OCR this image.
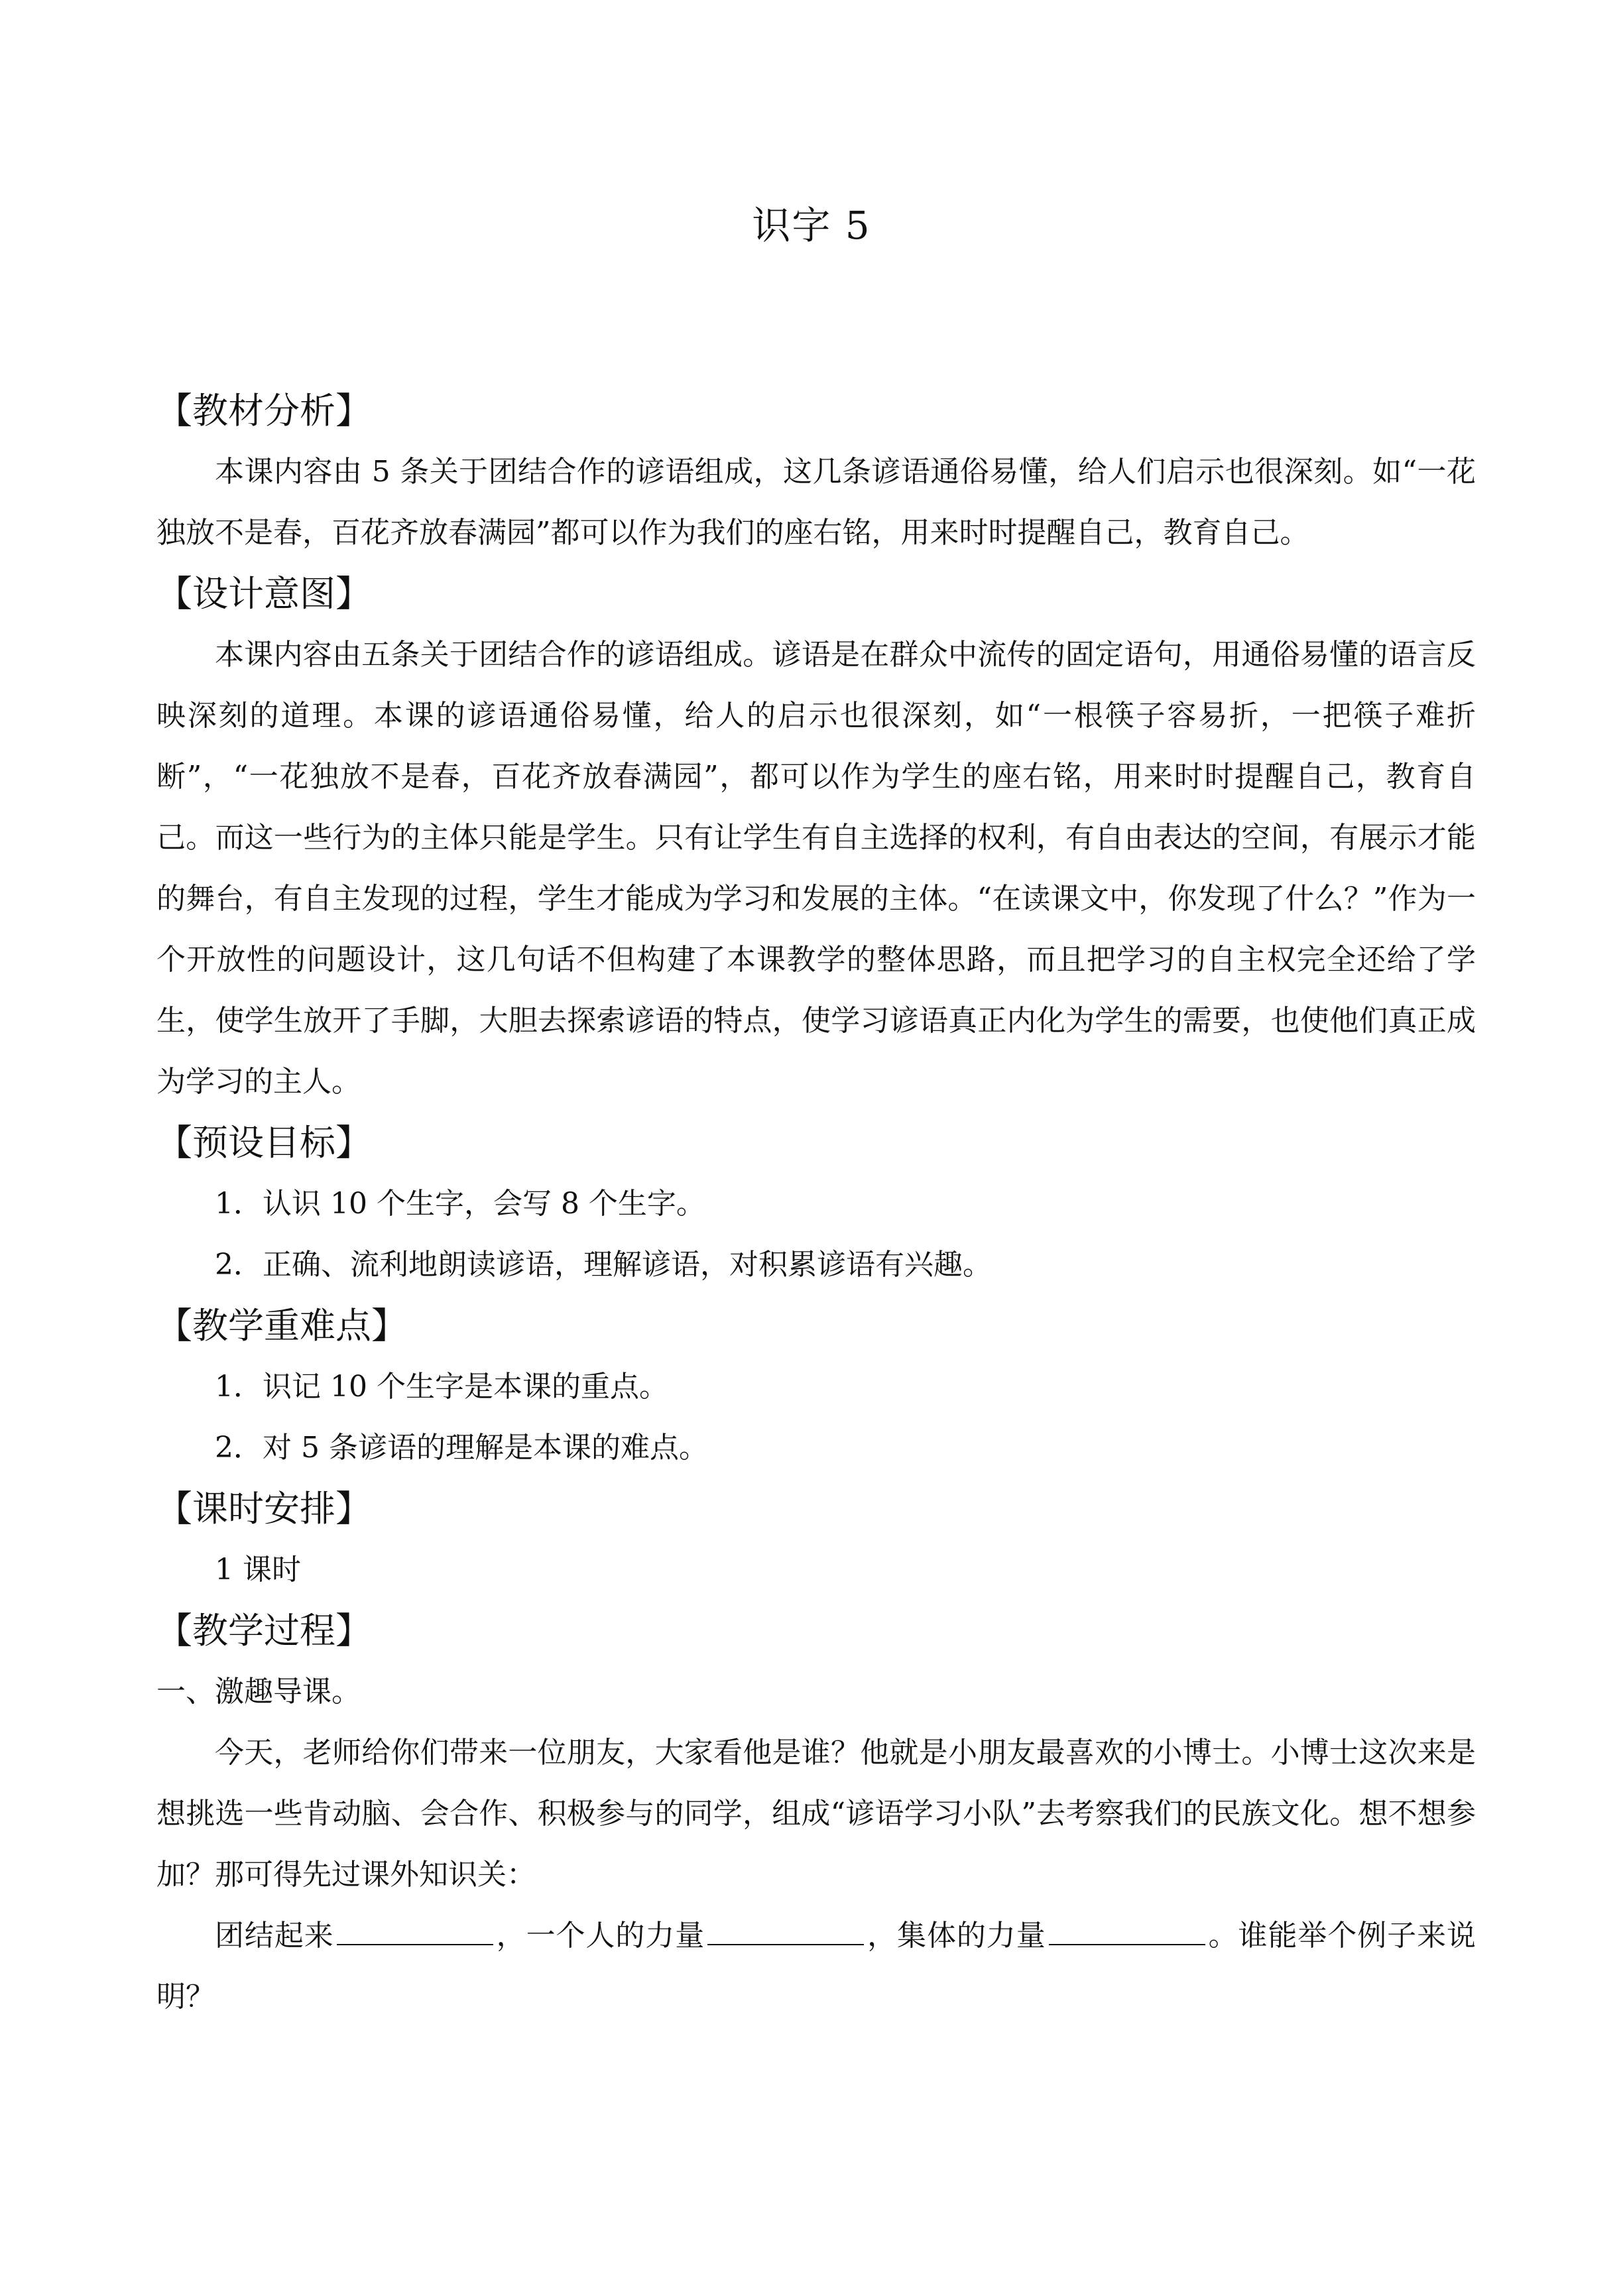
识字 5

【教材分析】

本课内容由 5 条关于团结合作的谚语组成，这几条谚语通俗易懂，给人们启示也很深刻。如“一花独放不是春，百花齐放春满园”都可以作为我们的座右铭，用来时时提醒自己，教育自己。

【设计意图】

本课内容由五条关于团结合作的谚语组成。谚语是在群众中流传的固定语句，用通俗易懂的语言反映深刻的道理。本课的谚语通俗易懂，给人的启示也很深刻，如“一根筷子容易折，一把筷子难折断”，“一花独放不是春，百花齐放春满园”，都可以作为学生的座右铭，用来时时提醒自己，教育自己。而这一些行为的主体只能是学生。只有让学生有自主选择的权利，有自由表达的空间，有展示才能的舞台，有自主发现的过程，学生才能成为学习和发展的主体。“在读课文中，你发现了什么？”作为一个开放性的问题设计，这几句话不但构建了本课教学的整体思路，而且把学习的自主权完全还给了学生，使学生放开了手脚，大胆去探索谚语的特点，使学习谚语真正内化为学生的需要，也使他们真正成为学习的主人。

【预设目标】

1．认识 10 个生字，会写 8 个生字。

2．正确、流利地朗读谚语，理解谚语，对积累谚语有兴趣。

【教学重难点】

1．识记 10 个生字是本课的重点。

2．对 5 条谚语的理解是本课的难点。

【课时安排】

1 课时

【教学过程】

一、激趣导课。

今天，老师给你们带来一位朋友，大家看他是谁？他就是小朋友最喜欢的小博士。小博士这次来是想挑选一些肯动脑、会合作、积极参与的同学，组成“谚语学习小队”去考察我们的民族文化。想不想参加？那可得先过课外知识关：

团结起来	，一个人的力量	，集体的力量	。谁能举个例子来说明？
